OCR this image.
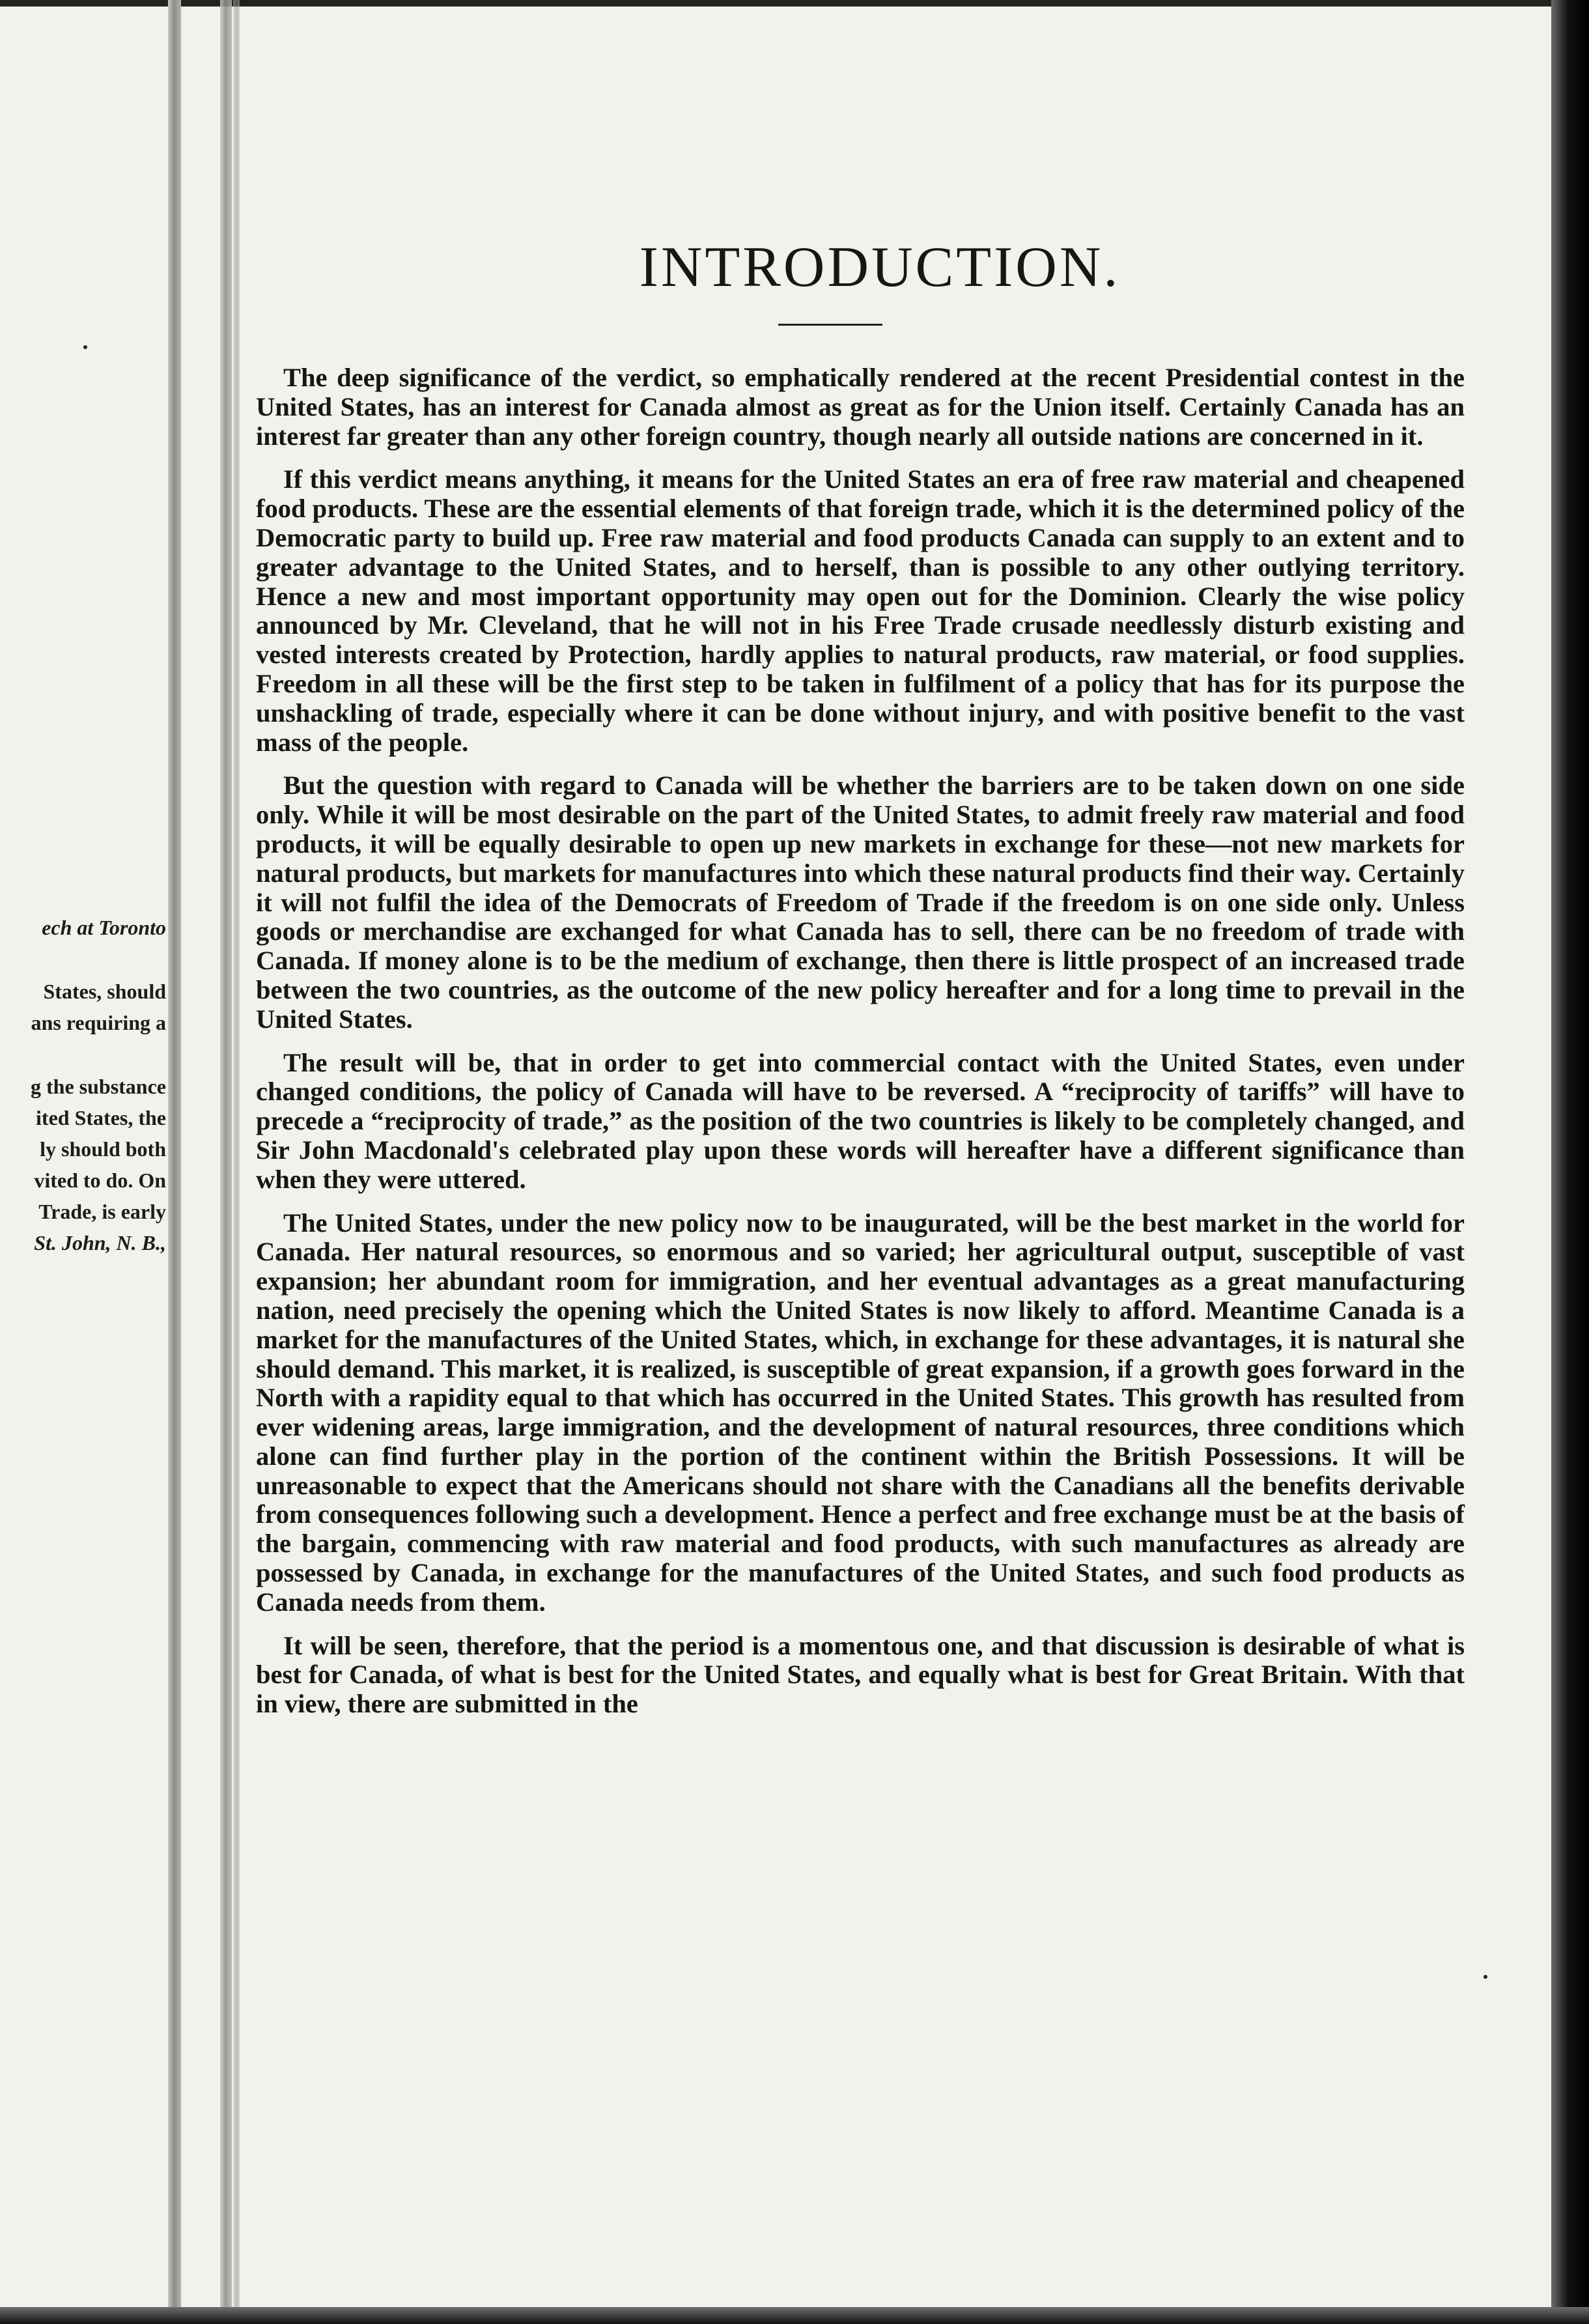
ech at Toronto
States, should
ans requiring a
g the substance
ited States, the
ly should both
vited to do. On
Trade, is early
St. John, N. B.,
INTRODUCTION.

The deep significance of the verdict, so emphatically rendered at the recent Presidential contest in the United States, has an interest for Canada almost as great as for the Union itself. Certainly Canada has an interest far greater than any other foreign country, though nearly all outside nations are concerned in it.

If this verdict means anything, it means for the United States an era of free raw material and cheapened food products. These are the essential elements of that foreign trade, which it is the determined policy of the Democratic party to build up. Free raw material and food products Canada can supply to an extent and to greater advantage to the United States, and to herself, than is possible to any other outlying territory. Hence a new and most important opportunity may open out for the Dominion. Clearly the wise policy announced by Mr. Cleveland, that he will not in his Free Trade crusade needlessly disturb existing and vested interests created by Protection, hardly applies to natural products, raw material, or food supplies. Freedom in all these will be the first step to be taken in fulfilment of a policy that has for its purpose the unshackling of trade, especially where it can be done without injury, and with positive benefit to the vast mass of the people.

But the question with regard to Canada will be whether the barriers are to be taken down on one side only. While it will be most desirable on the part of the United States, to admit freely raw material and food products, it will be equally desirable to open up new markets in exchange for these—not new markets for natural products, but markets for manufactures into which these natural products find their way. Certainly it will not fulfil the idea of the Democrats of Freedom of Trade if the freedom is on one side only. Unless goods or merchandise are exchanged for what Canada has to sell, there can be no freedom of trade with Canada. If money alone is to be the medium of exchange, then there is little prospect of an increased trade between the two countries, as the outcome of the new policy hereafter and for a long time to prevail in the United States.

The result will be, that in order to get into commercial contact with the United States, even under changed conditions, the policy of Canada will have to be reversed. A “reciprocity of tariffs” will have to precede a “reciprocity of trade,” as the position of the two countries is likely to be completely changed, and Sir John Macdonald's celebrated play upon these words will hereafter have a different significance than when they were uttered.

The United States, under the new policy now to be inaugurated, will be the best market in the world for Canada. Her natural resources, so enormous and so varied; her agricultural output, susceptible of vast expansion; her abundant room for immigration, and her eventual advantages as a great manufacturing nation, need precisely the opening which the United States is now likely to afford. Meantime Canada is a market for the manufactures of the United States, which, in exchange for these advantages, it is natural she should demand. This market, it is realized, is susceptible of great expansion, if a growth goes forward in the North with a rapidity equal to that which has occurred in the United States. This growth has resulted from ever widening areas, large immigration, and the development of natural resources, three conditions which alone can find further play in the portion of the continent within the British Possessions. It will be unreasonable to expect that the Americans should not share with the Canadians all the benefits derivable from consequences following such a development. Hence a perfect and free exchange must be at the basis of the bargain, commencing with raw material and food products, with such manufactures as already are possessed by Canada, in exchange for the manufactures of the United States, and such food products as Canada needs from them.

It will be seen, therefore, that the period is a momentous one, and that discussion is desirable of what is best for Canada, of what is best for the United States, and equally what is best for Great Britain. With that in view, there are submitted in the
